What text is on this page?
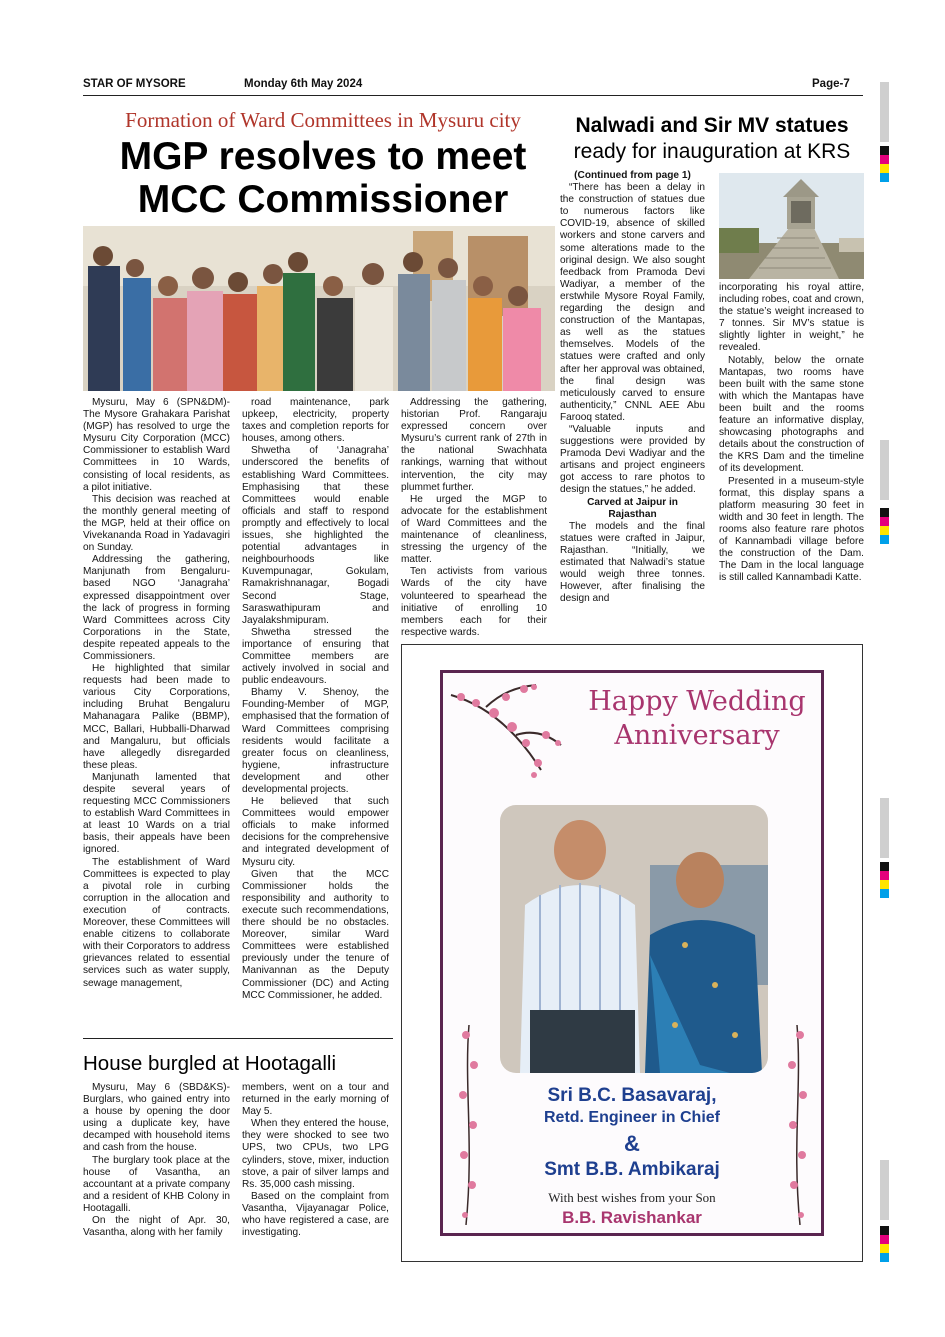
STAR OF MYSORE	Monday 6th May 2024	Page-7
Formation of Ward Committees in Mysuru city
MGP resolves to meet
MCC Commissioner

Mysuru, May 6 (SPN&DM)- The Mysore Grahakara Parishat (MGP) has resolved to urge the Mysuru City Corporation (MCC) Commissioner to establish Ward Committees in 10 Wards, consisting of local residents, as a pilot initiative.

This decision was reached at the monthly general meeting of the MGP, held at their office on Vivekananda Road in Yadavagiri on Sunday.

Addressing the gathering, Manjunath from Bengaluru-based NGO ‘Janagraha’ expressed disappointment over the lack of progress in forming Ward Committees across City Corporations in the State, despite repeated appeals to the Commissioners.

He highlighted that similar requests had been made to various City Corporations, including Bruhat Bengaluru Mahanagara Palike (BBMP), MCC, Ballari, Hubballi-Dharwad and Mangaluru, but officials have allegedly disregarded these pleas.

Manjunath lamented that despite several years of requesting MCC Commissioners to establish Ward Committees in at least 10 Wards on a trial basis, their appeals have been ignored.

The establishment of Ward Committees is expected to play a pivotal role in curbing corruption in the allocation and execution of contracts. Moreover, these Committees will enable citizens to collaborate with their Corporators to address grievances related to essential services such as water supply, sewage management,

road maintenance, park upkeep, electricity, property taxes and completion reports for houses, among others.

Shwetha of ‘Janagraha’ underscored the benefits of establishing Ward Committees. Emphasising that these Committees would enable officials and staff to respond promptly and effectively to local issues, she highlighted the potential advantages in neighbourhoods like Kuvempunagar, Gokulam, Ramakrishnanagar, Bogadi Second Stage, Saraswathipuram and Jayalakshmipuram.

Shwetha stressed the importance of ensuring that Committee members are actively involved in social and public endeavours.

Bhamy V. Shenoy, the Founding-Member of MGP, emphasised that the formation of Ward Committees comprising residents would facilitate a greater focus on cleanliness, hygiene, infrastructure development and other developmental projects.

He believed that such Committees would empower officials to make informed decisions for the comprehensive and integrated development of Mysuru city.

Given that the MCC Commissioner holds the responsibility and authority to execute such recommendations, there should be no obstacles. Moreover, similar Ward Committees were established previously under the tenure of Manivannan as the Deputy Commissioner (DC) and Acting MCC Commissioner, he added.

Addressing the gathering, historian Prof. Rangaraju expressed concern over Mysuru’s current rank of 27th in the national Swachhata rankings, warning that without intervention, the city may plummet further.

He urged the MGP to advocate for the establishment of Ward Committees and the maintenance of cleanliness, stressing the urgency of the matter.

Ten activists from various Wards of the city have volunteered to spearhead the initiative of enrolling 10 members each for their respective wards.

Nalwadi and Sir MV statues
ready for inauguration at KRS

(Continued from page 1)

“There has been a delay in the construction of statues due to numerous factors like COVID-19, absence of skilled workers and stone carvers and some alterations made to the original design. We also sought feedback from Pramoda Devi Wadiyar, a member of the erstwhile Mysore Royal Family, regarding the design and construction of the Mantapas, as well as the statues themselves. Models of the statues were crafted and only after her approval was obtained, the final design was meticulously carved to ensure authenticity,” CNNL AEE Abu Farooq stated.

“Valuable inputs and suggestions were provided by Pramoda Devi Wadiyar and the artisans and project engineers got access to rare photos to design the statues,” he added.

Carved at Jaipur in Rajasthan

The models and the final statues were crafted in Jaipur, Rajasthan. “Initially, we estimated that Nalwadi’s statue would weigh three tonnes. However, after finalising the design and

incorporating his royal attire, including robes, coat and crown, the statue’s weight increased to 7 tonnes. Sir MV’s statue is slightly lighter in weight,” he revealed.

Notably, below the ornate Mantapas, two rooms have been built with the same stone with which the Mantapas have been built and the rooms feature an informative display, showcasing photographs and details about the construction of the KRS Dam and the timeline of its development.

Presented in a museum-style format, this display spans a platform measuring 30 feet in width and 30 feet in length. The rooms also feature rare photos of Kannambadi village before the construction of the Dam. The Dam in the local language is still called Kannambadi Katte.

House burgled at Hootagalli

Mysuru, May 6 (SBD&KS)- Burglars, who gained entry into a house by opening the door using a duplicate key, have decamped with household items and cash from the house.

The burglary took place at the house of Vasantha, an accountant at a private company and a resident of KHB Colony in Hootagalli.

On the night of Apr. 30, Vasantha, along with her family

members, went on a tour and returned in the early morning of May 5.

When they entered the house, they were shocked to see two UPS, two CPUs, two LPG cylinders, stove, mixer, induction stove, a pair of silver lamps and Rs. 35,000 cash missing.

Based on the complaint from Vasantha, Vijayanagar Police, who have registered a case, are investigating.

Happy Wedding
Anniversary
Sri B.C. Basavaraj,
Retd. Engineer in Chief
&
Smt B.B. Ambikaraj
With best wishes from your Son
B.B. Ravishankar
